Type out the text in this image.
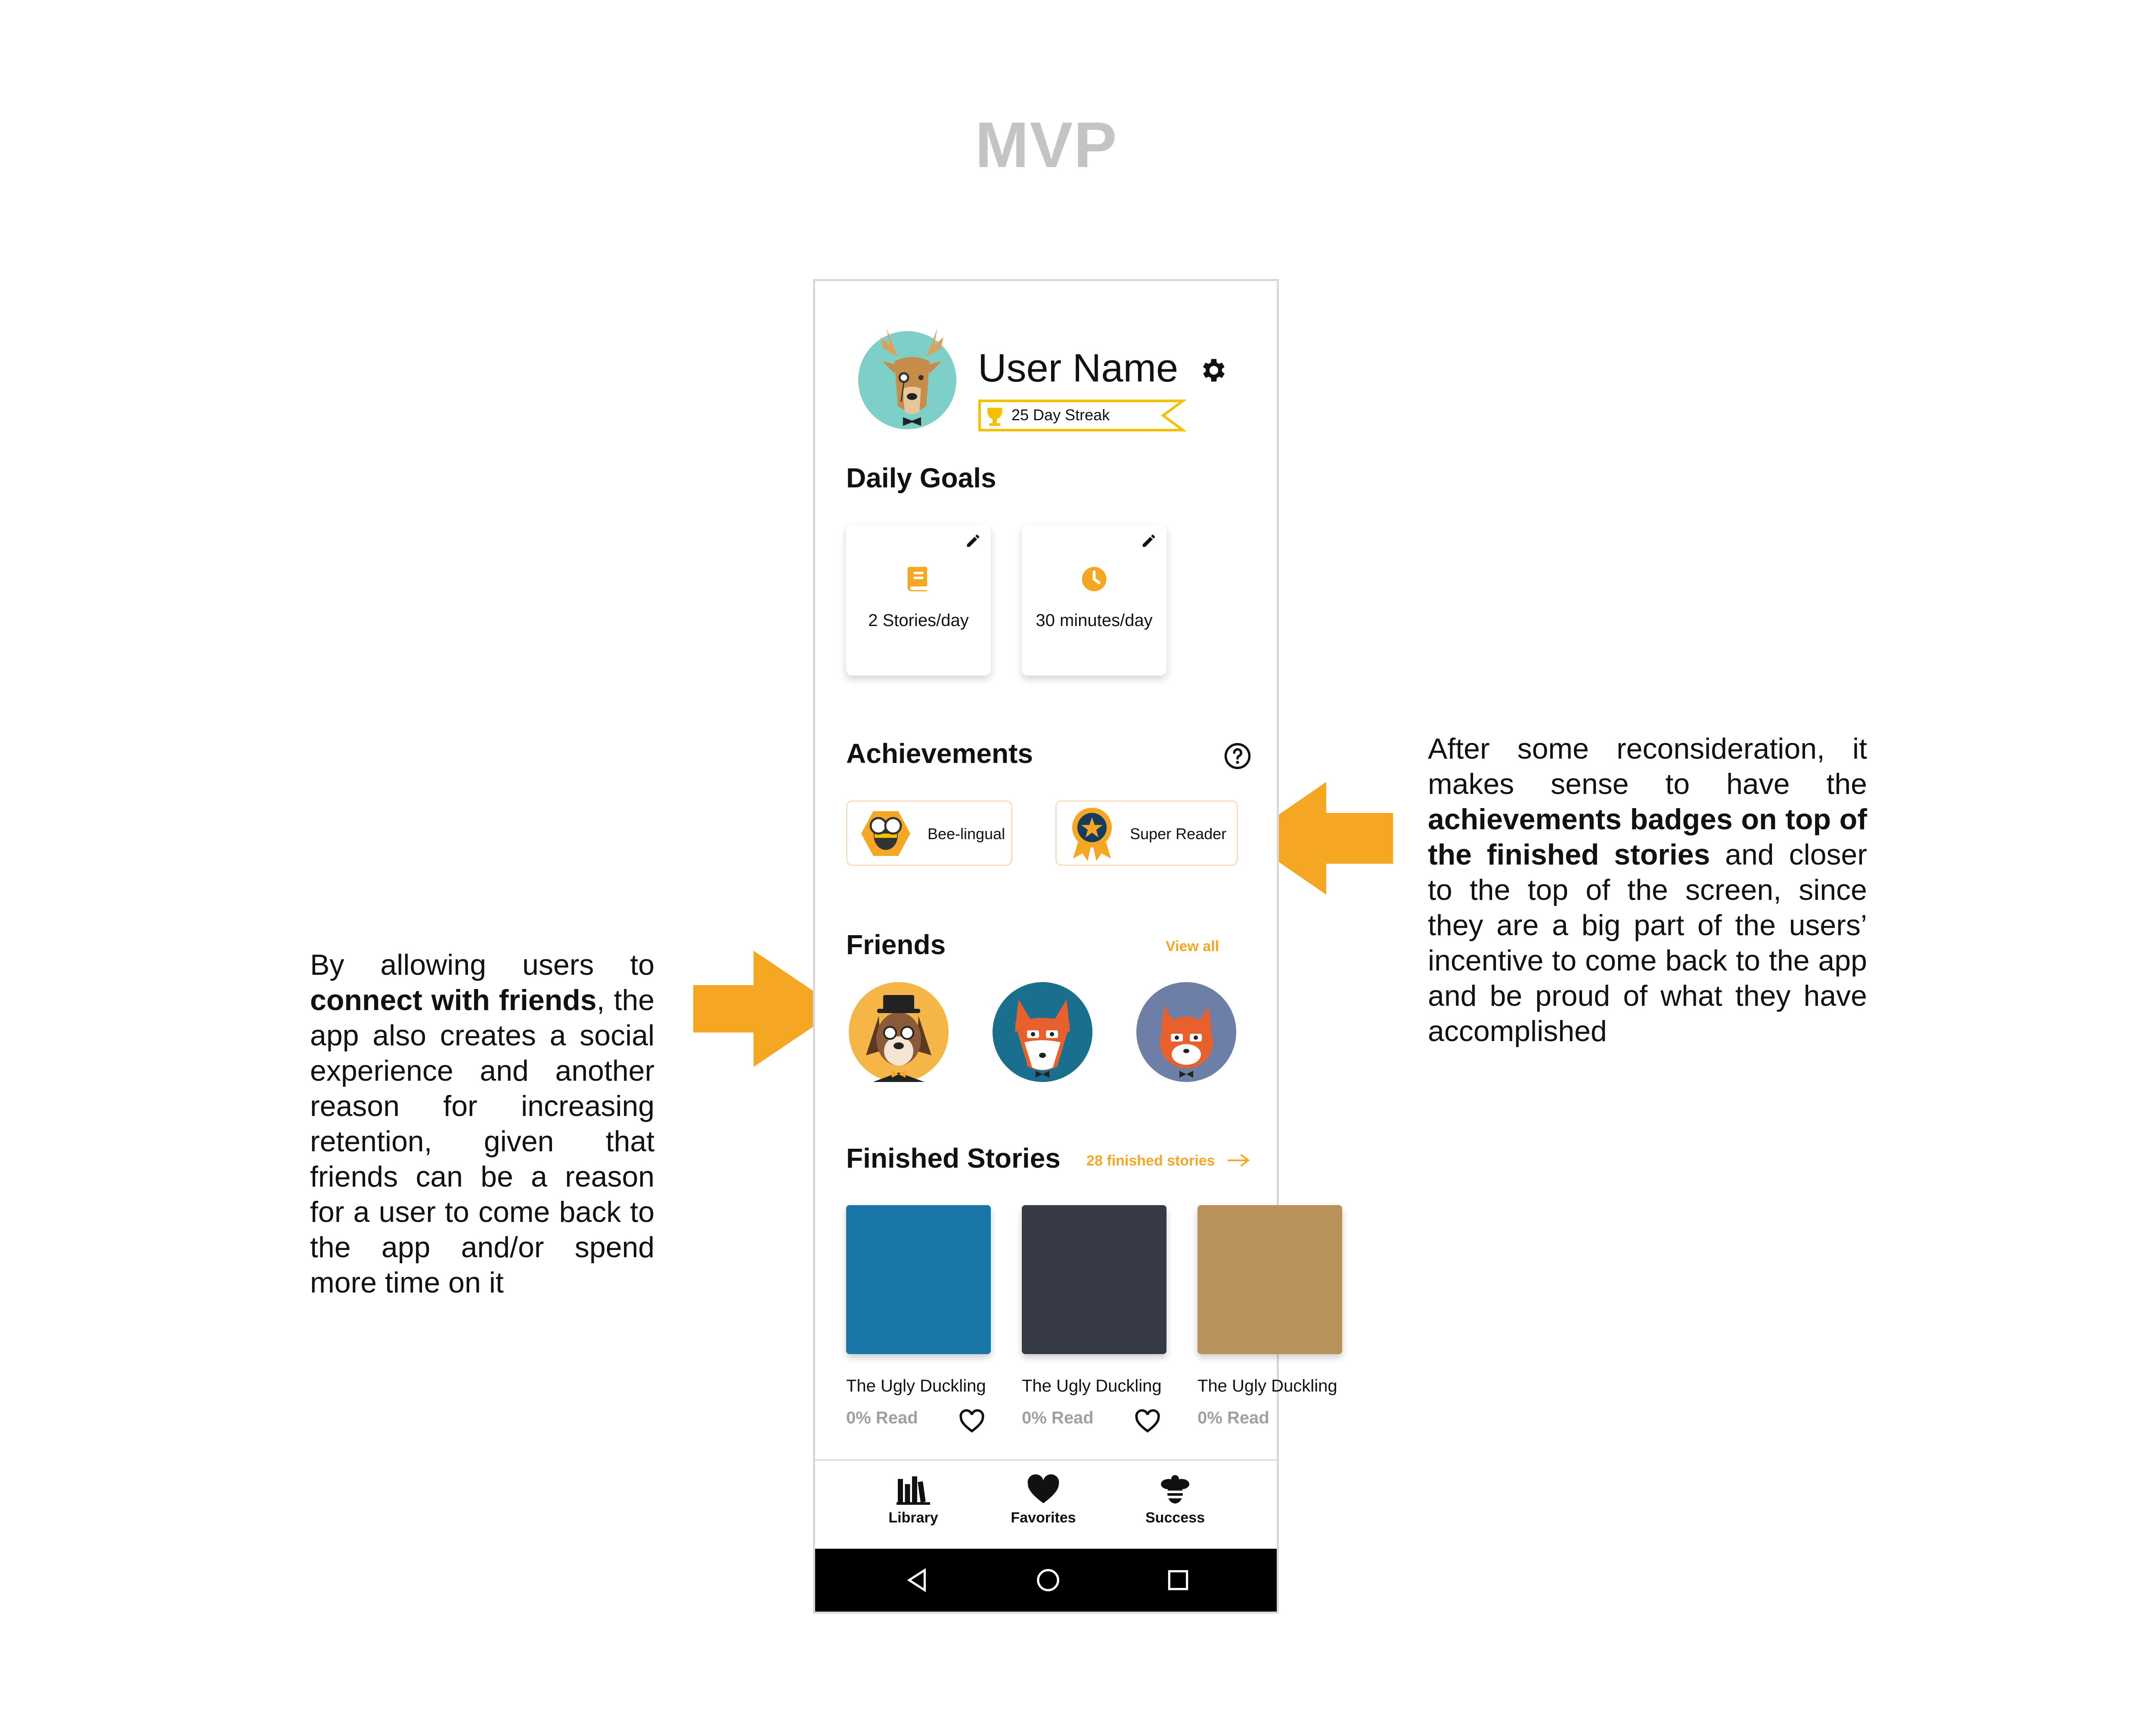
MVP
By allowing users to connect with friends, the app also creates a social experience and another reason for increasing retention, given that friends can be a reason for a user to come back to the app and/or spend more time on it
After some reconsideration, it makes sense to have the achievements badges on top of the finished stories and closer to the top of the screen, since they are a big part of the users’ incentive to come back to the app and be proud of what they have accomplished
User Name
25 Day Streak
Daily Goals
2 Stories/day	30 minutes/day
Achievements
Bee-lingual	Super Reader
Friends	View all
Finished Stories 28 finished stories
The Ugly Duckling
0% Read
The Ugly Duckling
0% Read
The Ugly Duckling
0% Read
Library	Favorites	Success
